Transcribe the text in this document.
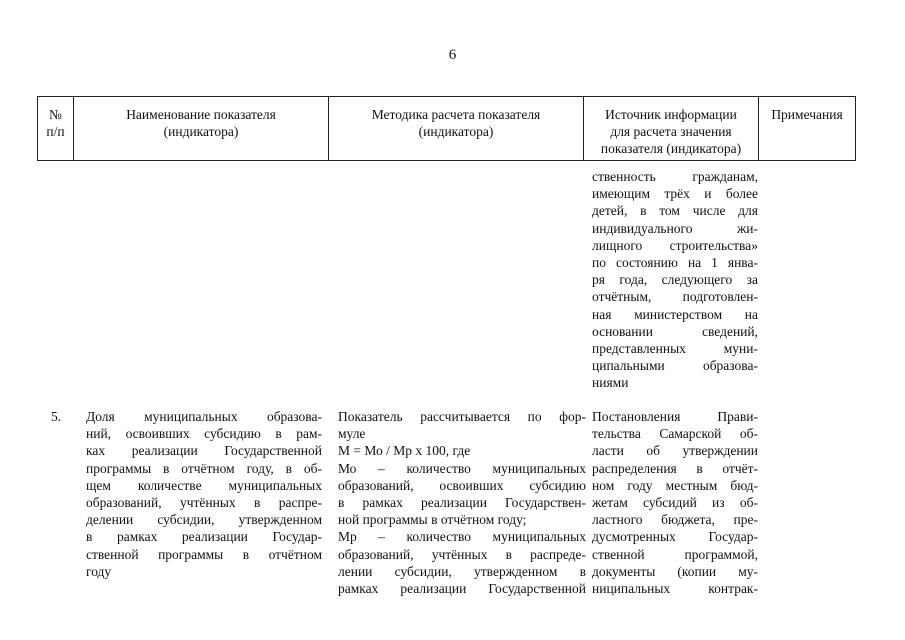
6
№
п/п
Наименование показателя
(индикатора)
Методика расчета показателя
(индикатора)
Источник информации
для расчета значения
показателя (индикатора)
Примечания
ственность гражданам,
имеющим трёх и более
детей, в том числе для
индивидуального жи-
лищного строительства»
по состоянию на 1 янва-
ря года, следующего за
отчётным, подготовлен-
ная министерством на
основании сведений,
представленных муни-
ципальными образова-
ниями
5. Доля муниципальных образова-
ний, освоивших субсидию в рам-
ках реализации Государственной
программы в отчётном году, в об-
щем количестве муниципальных
образований, учтённых в распре-
делении субсидии, утвержденном
в рамках реализации Государ-
ственной программы в отчётном
году
Показатель рассчитывается по фор-
муле
М = Мо / Мр х 100, где
Мо – количество муниципальных
образований, освоивших субсидию
в рамках реализации Государствен-
ной программы в отчётном году;
Мр – количество муниципальных
образований, учтённых в распреде-
лении субсидии, утвержденном в
рамках реализации Государственной
Постановления Прави-
тельства Самарской об-
ласти об утверждении
распределения в отчёт-
ном году местным бюд-
жетам субсидий из об-
ластного бюджета, пре-
дусмотренных Государ-
ственной программой,
документы (копии му-
ниципальных контрак-
